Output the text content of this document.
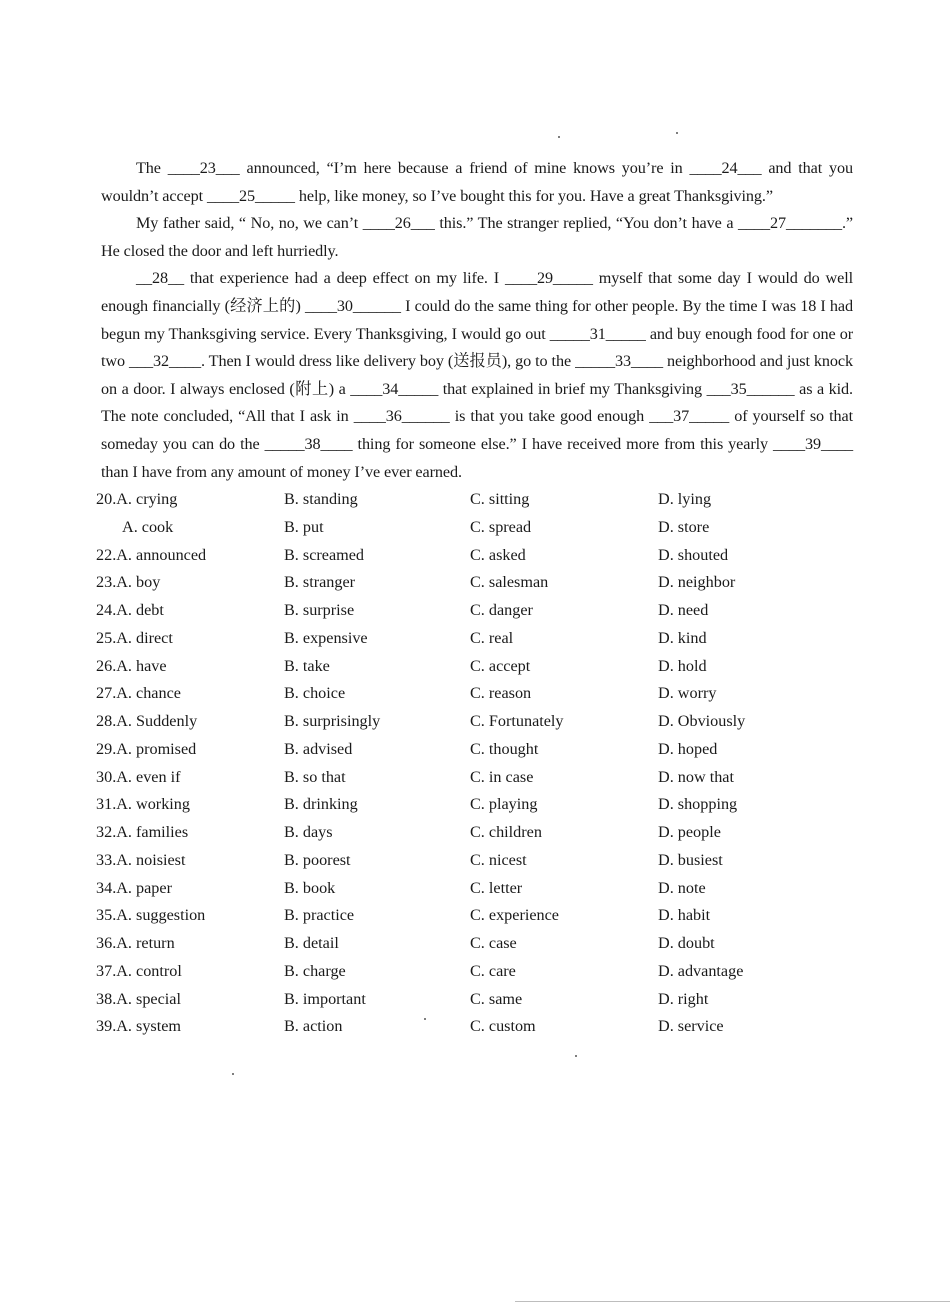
The ____23___ announced, “I’m here because a friend of mine knows you’re in ____24___ and that you wouldn’t accept ____25_____ help, like money, so I’ve bought this for you. Have a great Thanksgiving.”

My father said, “ No, no, we can’t ____26___ this.” The stranger replied, “You don’t have a ____27_______.” He closed the door and left hurriedly.

__28__ that experience had a deep effect on my life. I ____29_____ myself that some day I would do well enough financially (经济上的) ____30______ I could do the same thing for other people. By the time I was 18 I had begun my Thanksgiving service. Every Thanksgiving, I would go out _____31_____ and buy enough food for one or two ___32____. Then I would dress like delivery boy (送报员), go to the _____33____ neighborhood and just knock on a door. I always enclosed (附上) a ____34_____ that explained in brief my Thanksgiving ___35______ as a kid. The note concluded, “All that I ask in ____36______ is that you take good enough ___37_____ of yourself so that someday you can do the _____38____ thing for someone else.” I have received more from this yearly ____39____ than I have from any amount of money I’ve ever earned.

20.A. crying	B. standing	C. sitting	D. lying
A. cook	B. put	C. spread	D. store
22.A. announced	B. screamed	C. asked	D. shouted
23.A. boy	B. stranger	C. salesman	D. neighbor
24.A. debt	B. surprise	C. danger	D. need
25.A. direct	B. expensive	C. real	D. kind
26.A. have	B. take	C. accept	D. hold
27.A. chance	B. choice	C. reason	D. worry
28.A. Suddenly	B. surprisingly	C. Fortunately	D. Obviously
29.A. promised	B. advised	C. thought	D. hoped
30.A. even if	B. so that	C. in case	D. now that
31.A. working	B. drinking	C. playing	D. shopping
32.A. families	B. days	C. children	D. people
33.A. noisiest	B. poorest	C. nicest	D. busiest
34.A. paper	B. book	C. letter	D. note
35.A. suggestion	B. practice	C. experience	D. habit
36.A. return	B. detail	C. case	D. doubt
37.A. control	B. charge	C. care	D. advantage
38.A. special	B. important	C. same	D. right
39.A. system	B. action	C. custom	D. service
